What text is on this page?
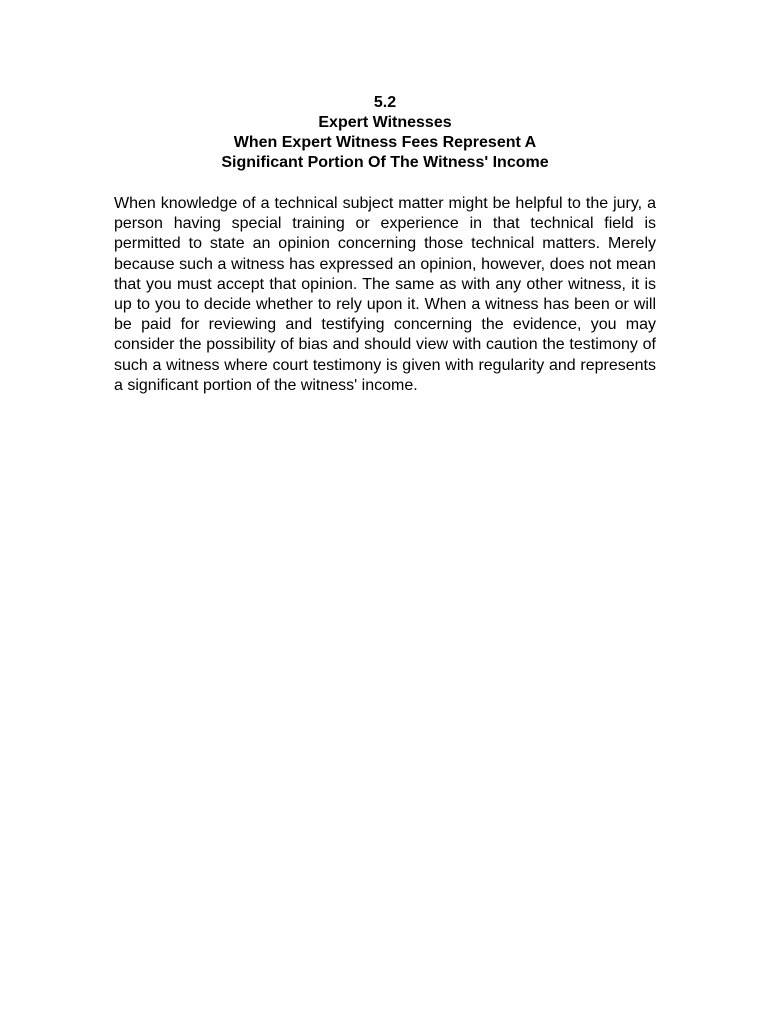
5.2
Expert Witnesses
When Expert Witness Fees Represent A
Significant Portion Of The Witness' Income

When knowledge of a technical subject matter might be helpful to the jury, a person having special training or experience in that technical field is permitted to state an opinion concerning those technical matters. Merely because such a witness has expressed an opinion, however, does not mean that you must accept that opinion. The same as with any other witness, it is up to you to decide whether to rely upon it. When a witness has been or will be paid for reviewing and testifying concerning the evidence, you may consider the possibility of bias and should view with caution the testimony of such a witness where court testimony is given with regularity and represents a significant portion of the witness' income.
